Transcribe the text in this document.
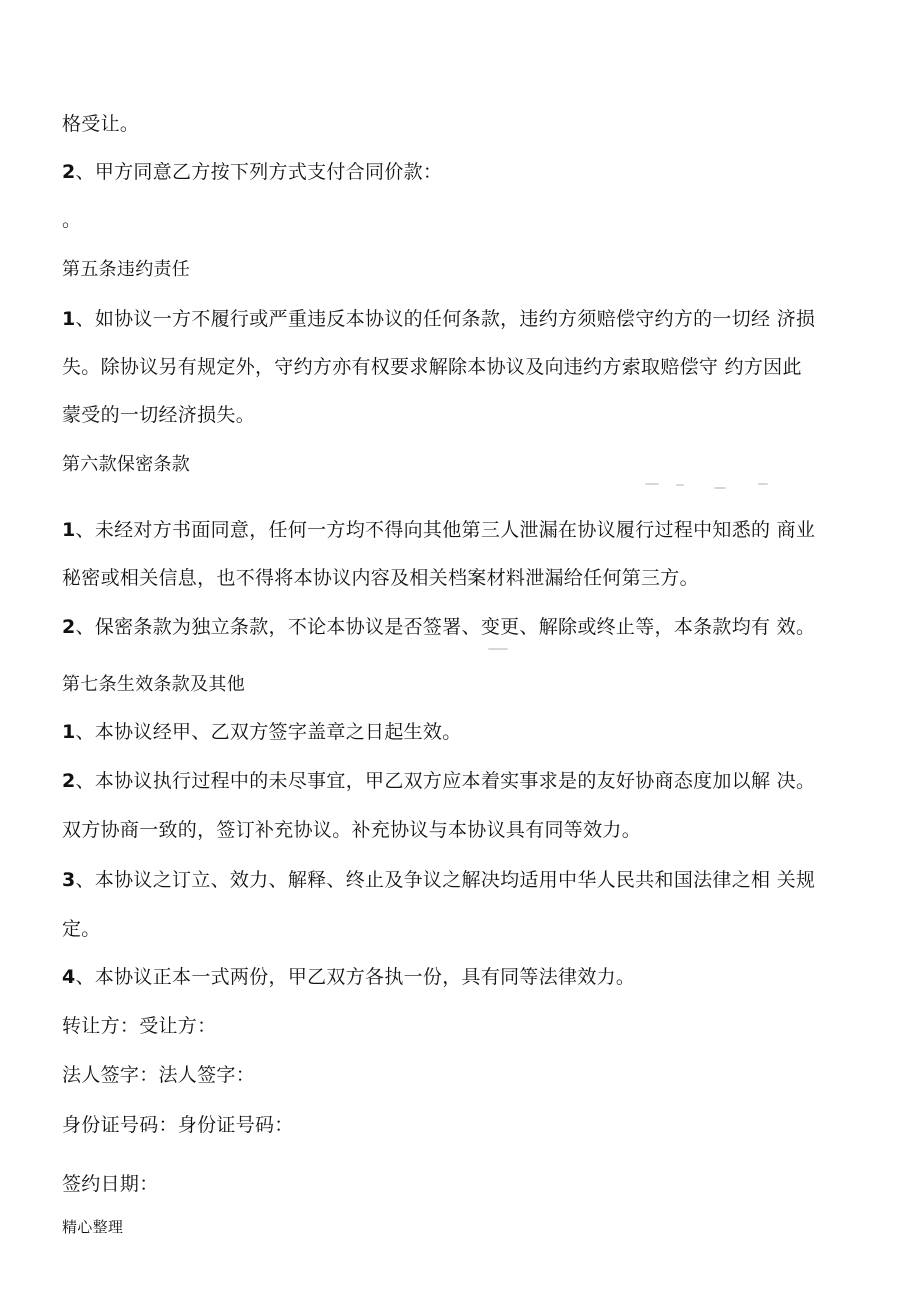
格受让。
2、甲方同意乙方按下列方式支付合同价款：
。
第五条违约责任
1、如协议一方不履行或严重违反本协议的任何条款，违约方须赔偿守约方的一切经 济损
失。除协议另有规定外，守约方亦有权要求解除本协议及向违约方索取赔偿守 约方因此
蒙受的一切经济损失。
第六款保密条款
1、未经对方书面同意，任何一方均不得向其他第三人泄漏在协议履行过程中知悉的 商业
秘密或相关信息，也不得将本协议内容及相关档案材料泄漏给任何第三方。
2、保密条款为独立条款，不论本协议是否签署、变更、解除或终止等，本条款均有 效。
第七条生效条款及其他
1、本协议经甲、乙双方签字盖章之日起生效。
2、本协议执行过程中的未尽事宜，甲乙双方应本着实事求是的友好协商态度加以解 决。
双方协商一致的，签订补充协议。补充协议与本协议具有同等效力。
3、本协议之订立、效力、解释、终止及争议之解决均适用中华人民共和国法律之相 关规
定。
4、本协议正本一式两份，甲乙双方各执一份，具有同等法律效力。
转让方：受让方：
法人签字：法人签字：
身份证号码：身份证号码：
签约日期：
精心整理
